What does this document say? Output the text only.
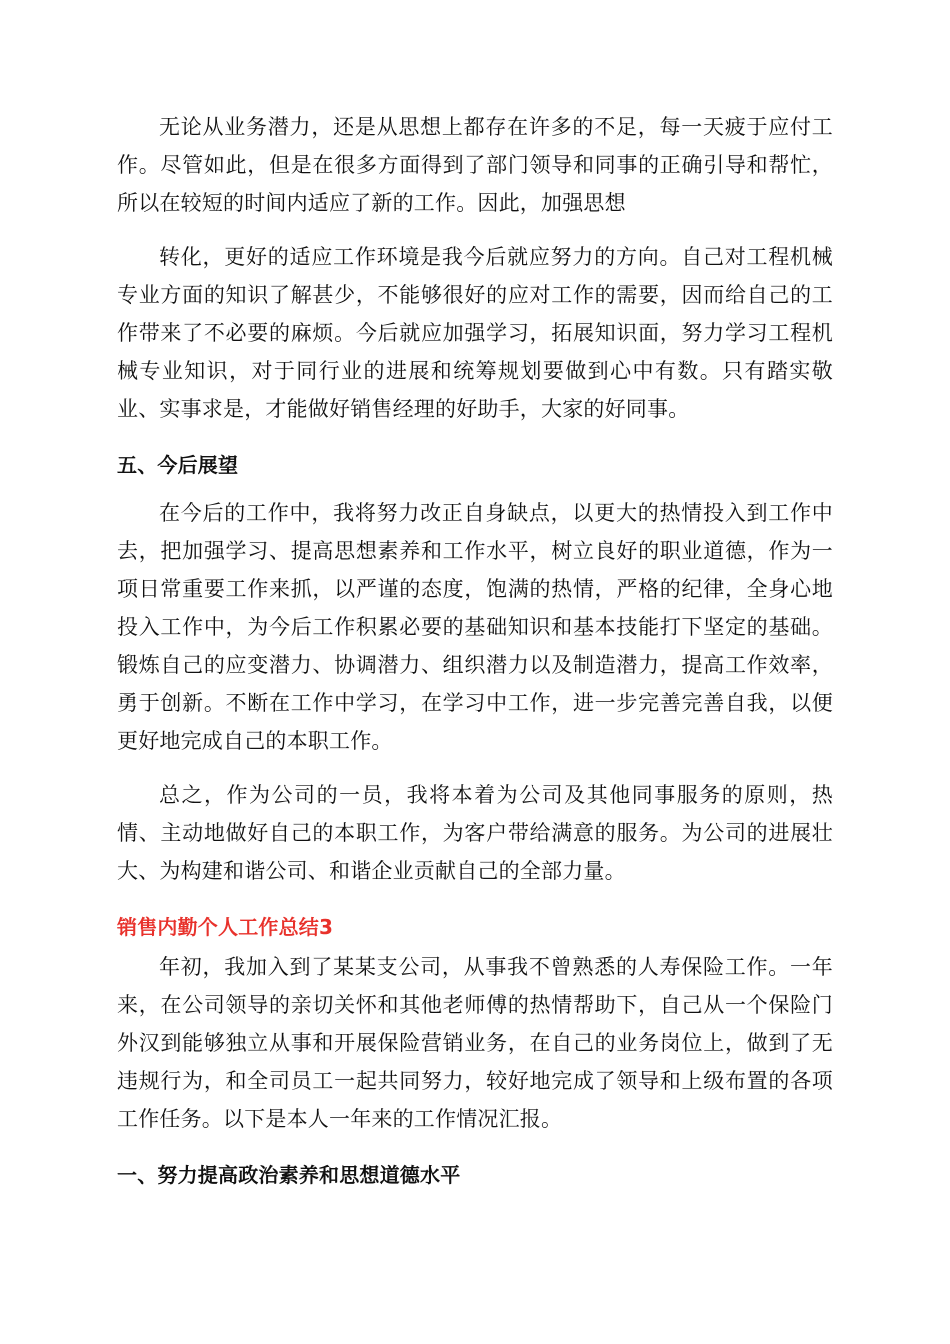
无论从业务潜力，还是从思想上都存在许多的不足，每一天疲于应付工作。尽管如此，但是在很多方面得到了部门领导和同事的正确引导和帮忙，所以在较短的时间内适应了新的工作。因此，加强思想

转化，更好的适应工作环境是我今后就应努力的方向。自己对工程机械专业方面的知识了解甚少，不能够很好的应对工作的需要，因而给自己的工作带来了不必要的麻烦。今后就应加强学习，拓展知识面，努力学习工程机械专业知识，对于同行业的进展和统筹规划要做到心中有数。只有踏实敬业、实事求是，才能做好销售经理的好助手，大家的好同事。

五、今后展望

在今后的工作中，我将努力改正自身缺点，以更大的热情投入到工作中去，把加强学习、提高思想素养和工作水平，树立良好的职业道德，作为一项日常重要工作来抓，以严谨的态度，饱满的热情，严格的纪律，全身心地投入工作中，为今后工作积累必要的基础知识和基本技能打下坚定的基础。锻炼自己的应变潜力、协调潜力、组织潜力以及制造潜力，提高工作效率，勇于创新。不断在工作中学习，在学习中工作，进一步完善完善自我，以便更好地完成自己的本职工作。

总之，作为公司的一员，我将本着为公司及其他同事服务的原则，热情、主动地做好自己的本职工作，为客户带给满意的服务。为公司的进展壮大、为构建和谐公司、和谐企业贡献自己的全部力量。

销售内勤个人工作总结3

年初，我加入到了某某支公司，从事我不曾熟悉的人寿保险工作。一年来，在公司领导的亲切关怀和其他老师傅的热情帮助下，自己从一个保险门外汉到能够独立从事和开展保险营销业务，在自己的业务岗位上，做到了无违规行为，和全司员工一起共同努力，较好地完成了领导和上级布置的各项工作任务。以下是本人一年来的工作情况汇报。

一、努力提高政治素养和思想道德水平
